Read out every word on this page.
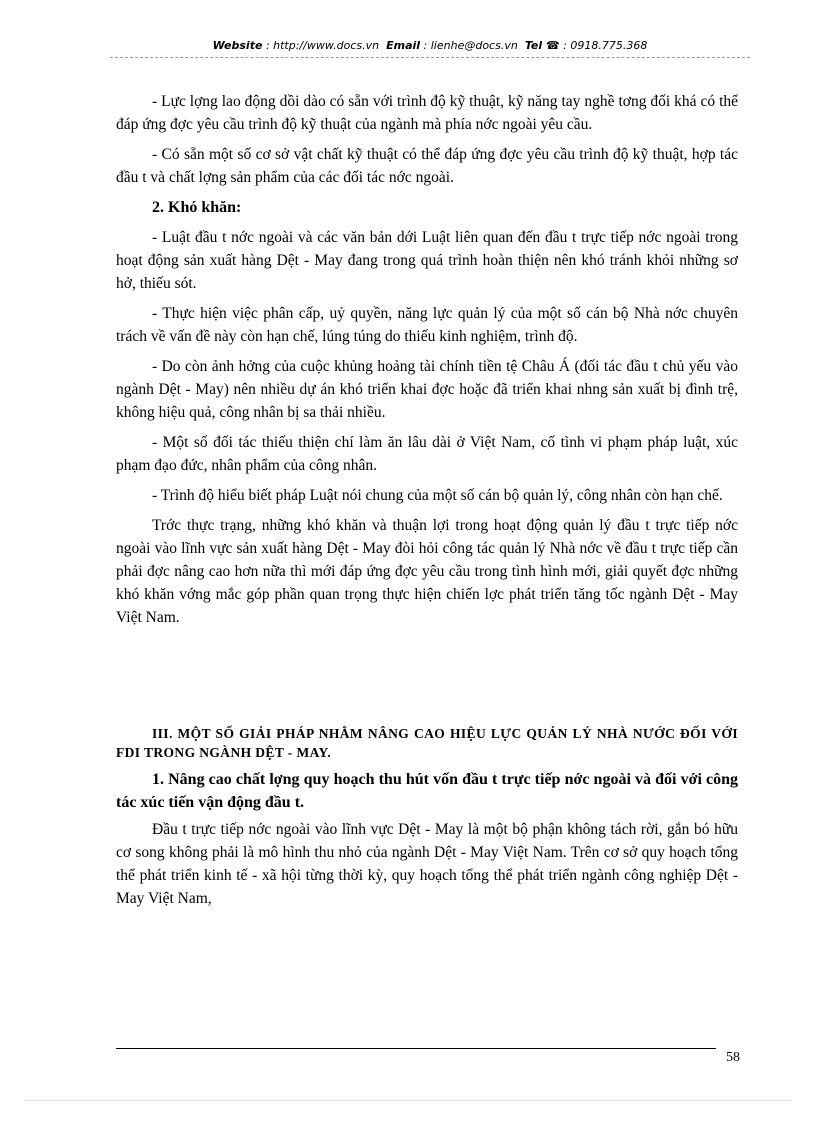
Website : http://www.docs.vn Email : lienhe@docs.vn Tel ☎ : 0918.775.368

- Lực lợng lao động dồi dào có sẵn với trình độ kỹ thuật, kỹ năng tay nghề tơng đối khá có thể đáp ứng đợc yêu cầu trình độ kỹ thuật của ngành mà phía nớc ngoài yêu cầu.

- Có sẵn một số cơ sở vật chất kỹ thuật có thể đáp ứng đợc yêu cầu trình độ kỹ thuật, hợp tác đầu t và chất lợng sản phẩm của các đối tác nớc ngoài.

2. Khó khăn:

- Luật đầu t nớc ngoài và các văn bản dới Luật liên quan đến đầu t trực tiếp nớc ngoài trong hoạt động sản xuất hàng Dệt - May đang trong quá trình hoàn thiện nên khó tránh khỏi những sơ hở, thiếu sót.

- Thực hiện việc phân cấp, uỷ quyền, năng lực quản lý của một số cán bộ Nhà nớc chuyên trách về vấn đề này còn hạn chế, lúng túng do thiếu kinh nghiệm, trình độ.

- Do còn ảnh hởng của cuộc khủng hoảng tài chính tiền tệ Châu Á (đối tác đầu t chủ yếu vào ngành Dệt - May) nên nhiều dự án khó triển khai đợc hoặc đã triển khai nhng sản xuất bị đình trệ, không hiệu quả, công nhân bị sa thải nhiều.

- Một số đối tác thiếu thiện chí làm ăn lâu dài ở Việt Nam, cố tình vi phạm pháp luật, xúc phạm đạo đức, nhân phẩm của công nhân.

- Trình độ hiểu biết pháp Luật nói chung của một số cán bộ quản lý, công nhân còn hạn chế.

Trớc thực trạng, những khó khăn và thuận lợi trong hoạt động quản lý đầu t trực tiếp nớc ngoài vào lĩnh vực sản xuất hàng Dệt - May đòi hỏi công tác quản lý Nhà nớc về đầu t trực tiếp cần phải đợc nâng cao hơn nữa thì mới đáp ứng đợc yêu cầu trong tình hình mới, giải quyết đợc những khó khăn vớng mắc góp phần quan trọng thực hiện chiến lợc phát triển tăng tốc ngành Dệt - May Việt Nam.

III. MỘT SỐ GIẢI PHÁP NHẰM NÂNG CAO HIỆU LỰC QUẢN LÝ NHÀ NƯỚC ĐỐI VỚI FDI TRONG NGÀNH DỆT - MAY.
1. Nâng cao chất lợng quy hoạch thu hút vốn đầu t trực tiếp nớc ngoài và đối với công tác xúc tiến vận động đầu t.

Đầu t trực tiếp nớc ngoài vào lĩnh vực Dệt - May là một bộ phận không tách rời, gắn bó hữu cơ song không phải là mô hình thu nhỏ của ngành Dệt - May Việt Nam. Trên cơ sở quy hoạch tổng thể phát triển kinh tế - xã hội từng thời kỳ, quy hoạch tổng thể phát triển ngành công nghiệp Dệt - May Việt Nam,

58
